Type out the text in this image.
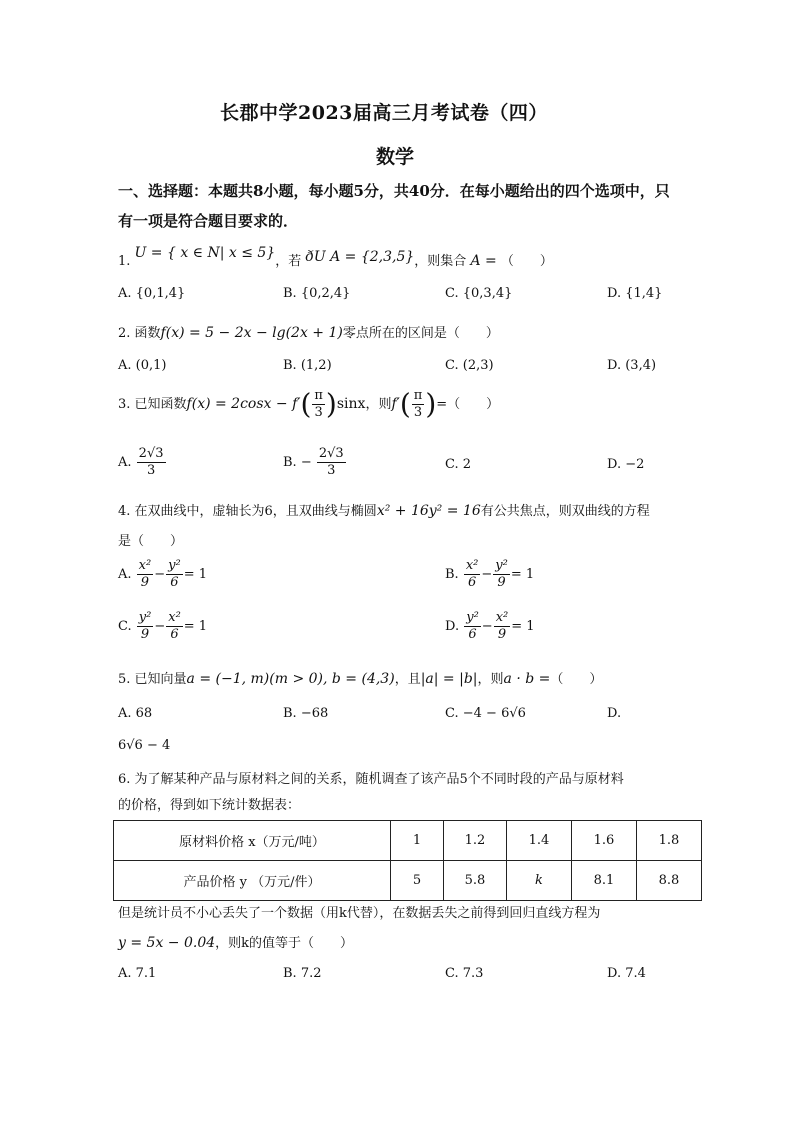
长郡中学2023届高三月考试卷（四）
数学
一、选择题：本题共8小题，每小题5分，共40分．在每小题给出的四个选项中，只有一项是符合题目要求的．
1. U = { x ∈ N| x ≤ 5}，若 ðU A = {2,3,5}，则集合 A = （　　）
A. {0,1,4}	B. {0,2,4}	C. {0,3,4}	D. {1,4}
2. 函数f(x) = 5 − 2x − lg(2x + 1)零点所在的区间是（　　）
A. (0,1)	B. (1,2)	C. (2,3)	D. (3,4)
3. 已知函数$f(x) = 2\cos x - f'( \frac{\pi}{3} )\sin x$，则$f'( \frac{\pi}{3}$ )=（　　）
A. $\frac{2√3}{3}$	B. − $\frac{2√3}{3}$	C. 2	D. −2
4. 在双曲线中，虚轴长为6，且双曲线与椭圆x² + 16y² = 16有公共焦点，则双曲线的方程
是（　　）
A. $\frac{\text{x²}}{9} - \frac{\text{y²}}{6} = 1$	B. $\frac{\text{x²}}{6} - \frac{\text{y²}}{9} = 1$
C. $\frac{\text{y²}}{9} - \frac{\text{x²}}{6} = 1$	D. $\frac{\text{y²}}{6} - \frac{\text{x²}}{9} = 1$
5. 已知向量a = (−1, m)(m > 0), b = (4,3)，且|a| = |b|，则a · b =（　　）
A. 68	B. −68	C. −4 − 6√6	D.
6√6 − 4
6. 为了解某种产品与原材料之间的关系，随机调查了该产品5个不同时段的产品与原材料
的价格，得到如下统计数据表：
原材料价格 x（万元/吨）	1	1.2	1.4	1.6	1.8
产品价格 y （万元/件）	5	5.8	k	8.1	8.8
但是统计员不小心丢失了一个数据（用k代替），在数据丢失之前得到回归直线方程为
y = 5x − 0.04，则k的值等于（　　）
A. 7.1	B. 7.2	C. 7.3	D. 7.4
